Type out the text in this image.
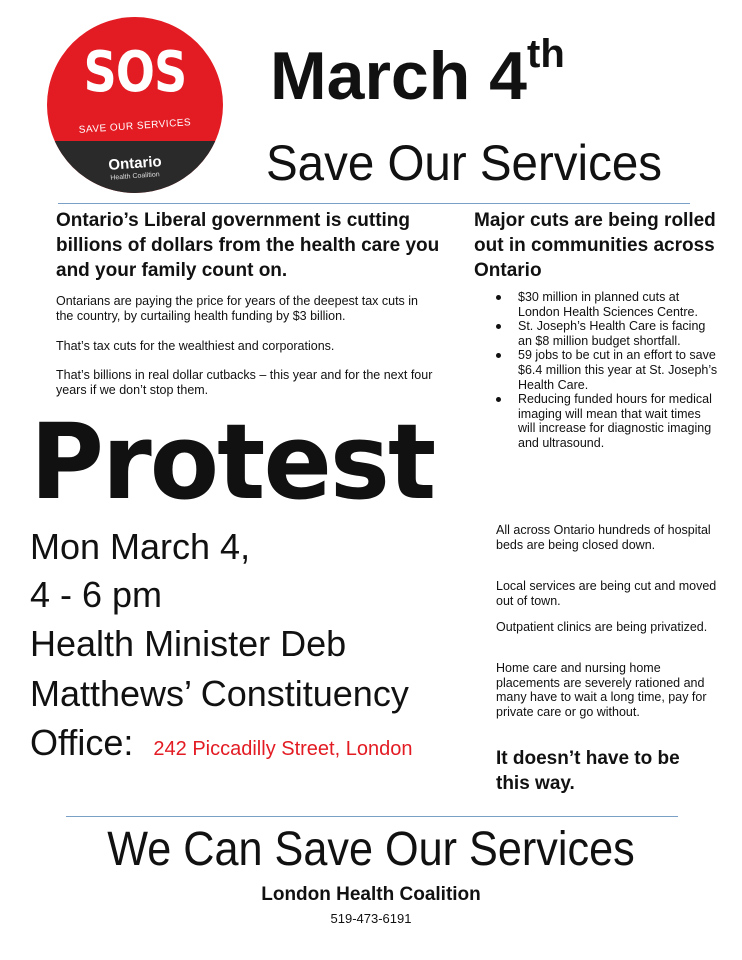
SOS
SAVE OUR SERVICES
Ontario
Health Coalition
March 4th
Save Our Services
Ontario’s Liberal government is cutting billions of dollars from the health care you and your family count on.
Ontarians are paying the price for years of the deepest tax cuts in the country, by curtailing health funding by $3 billion.
That’s tax cuts for the wealthiest and corporations.
That’s billions in real dollar cutbacks – this year and for the next four years if we don’t stop them.
Major cuts are being rolled out in communities across Ontario
$30 million in planned cuts at London Health Sciences Centre.
St. Joseph’s Health Care is facing an $8 million budget shortfall.
59 jobs to be cut in an effort to save $6.4 million this year at St. Joseph’s Health Care.
Reducing funded hours for medical imaging will mean that wait times will increase for diagnostic imaging and ultrasound.
Protest
Mon March 4,
4 - 6 pm
Health Minister Deb
Matthews’ Constituency
Office: 242 Piccadilly Street, London
All across Ontario hundreds of hospital beds are being closed down.
Local services are being cut and moved out of town.
Outpatient clinics are being privatized.
Home care and nursing home placements are severely rationed and many have to wait a long time, pay for private care or go without.
It doesn’t have to be this way.
We Can Save Our Services
London Health Coalition
519-473-6191
